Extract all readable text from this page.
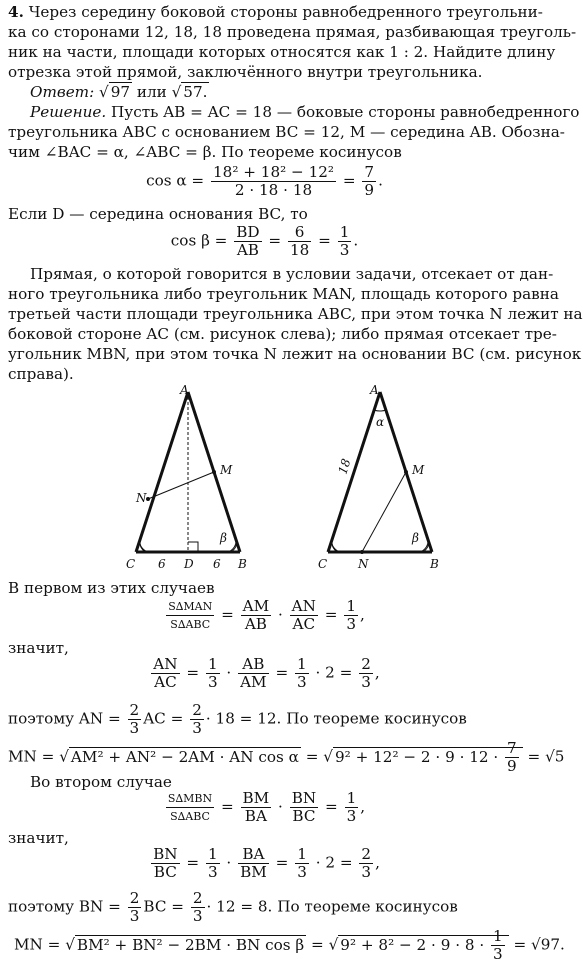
4. Через середину боковой стороны равнобедренного треугольни-
ка со сторонами 12, 18, 18 проведена прямая, разбивающая треуголь-
ник на части, площади которых относятся как 1 : 2. Найдите длину
отрезка этой прямой, заключённого внутри треугольника.
Ответ: √ 97 или √ 57.
Решение. Пусть AB = AC = 18 — боковые стороны равнобедренного
треугольника ABC с основанием BC = 12, M — середина AB. Обозна-
чим ∠BAC = α, ∠ABC = β. По теореме косинусов
$\cos \alpha = \frac{\text{18² + 18² − 12²}}{2 \cdot 18 \cdot 18} = \frac{7}{9}$ .
Если D — середина основания BC, то
$\cos \beta = \frac{BD}{AB} = \frac{6}{18} = \frac{1}{3}$ .
Прямая, о которой говорится в условии задачи, отсекает от дан-
ного треугольника либо треугольник MAN, площадь которого равна
третьей части площади треугольника ABC, при этом точка N лежит на
боковой стороне AC (см. рисунок слева); либо прямая отсекает тре-
угольник MBN, при этом точка N лежит на основании BC (см. рисунок
справа).
A
M
N
C	D	B
6	6
β
A
α
18	M
C	N	B
β
В первом из этих случаев
$\frac{\text{S∆MAN}}{\text{S∆ABC}} = \frac{AM}{AB} \cdot \frac{AN}{AC} = \frac{1}{3}$ ,
значит,
$\frac{AN}{AC} = \frac{1}{3} \cdot \frac{AB}{AM} = \frac{1}{3} \cdot 2 = \frac{2}{3}$ ,
поэтому AN = $\frac{2}{3}$ AC = $\frac{2}{3} \cdot 18 = 12$. По теореме косинусов
MN = √ AM² + AN² − 2AM · AN cos α = √ $9^2 + 12^2 - 2 \cdot 9 \cdot 12 \cdot \frac{7}{9} = √5$
Во втором случае
$\frac{\text{S∆MBN}}{\text{S∆ABC}} = \frac{BM}{BA} \cdot \frac{BN}{BC} = \frac{1}{3}$ ,
значит,
$\frac{BN}{BC} = \frac{1}{3} \cdot \frac{BA}{BM} = \frac{1}{3} \cdot 2 = \frac{2}{3}$ ,
поэтому BN = $\frac{2}{3}$ BC = $\frac{2}{3} \cdot 12 = 8$. По теореме косинусов
MN = √ BM² + BN² − 2BM · BN cos β = √ $9^2 + 8^2 - 2 \cdot 9 \cdot 8 \cdot \frac{1}{3} = √97$.
